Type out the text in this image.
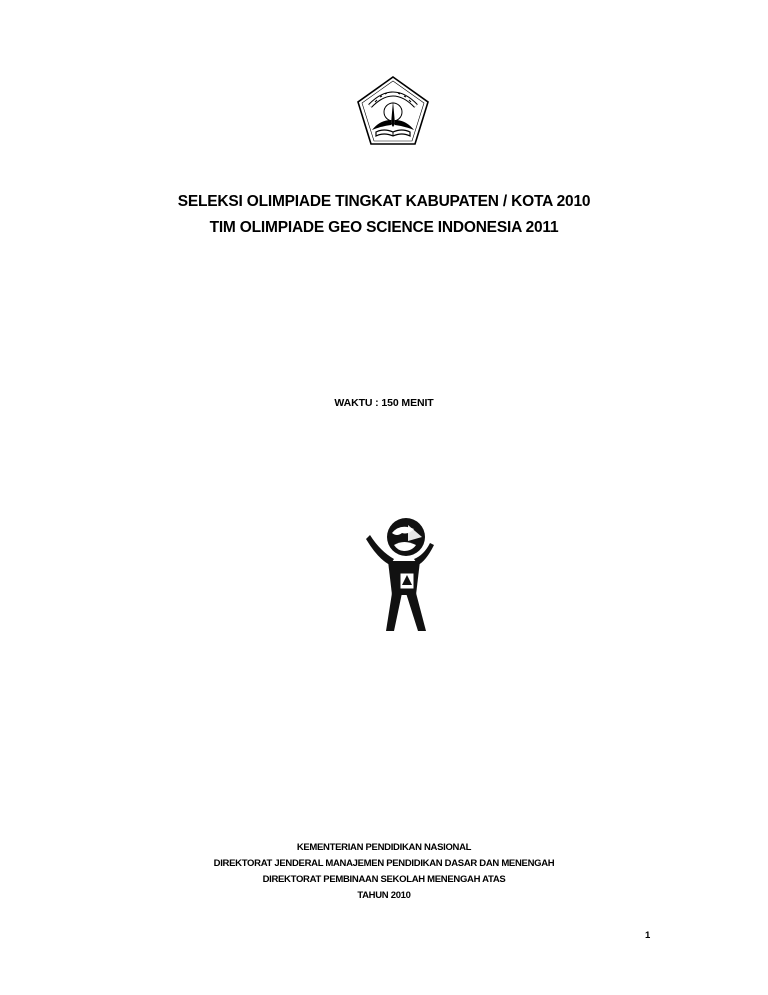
SELEKSI OLIMPIADE TINGKAT KABUPATEN / KOTA 2010
TIM OLIMPIADE GEO SCIENCE INDONESIA 2011
WAKTU : 150 MENIT
KEMENTERIAN PENDIDIKAN NASIONAL
DIREKTORAT JENDERAL MANAJEMEN PENDIDIKAN DASAR DAN MENENGAH
DIREKTORAT PEMBINAAN SEKOLAH MENENGAH ATAS
TAHUN 2010
1
